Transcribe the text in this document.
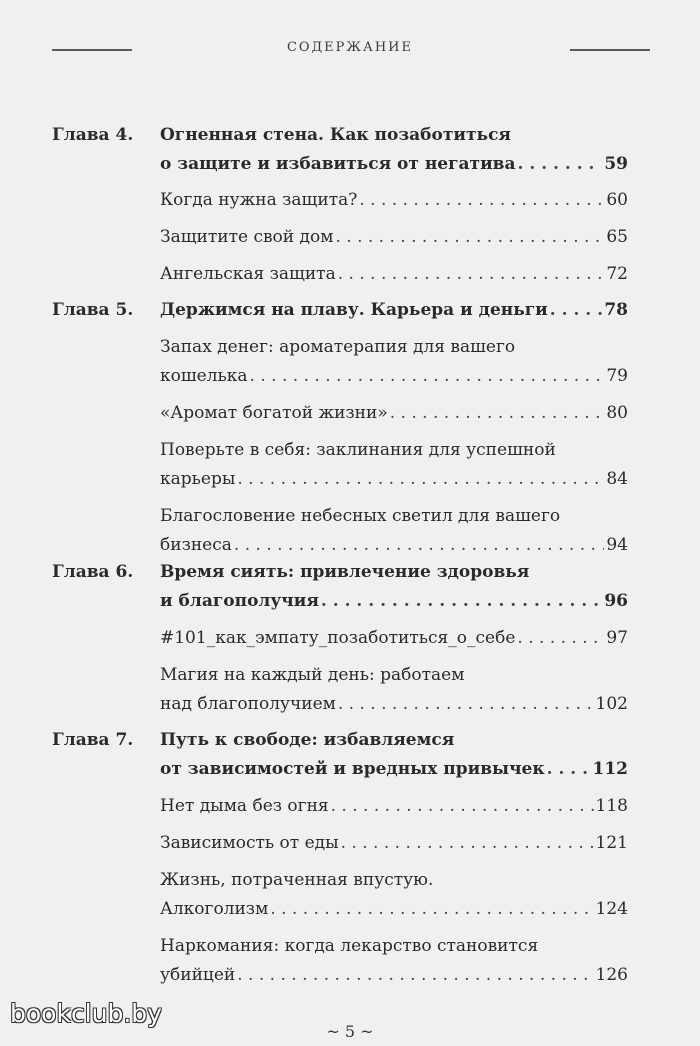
СОДЕРЖАНИЕ
Глава 4. Огненная стена. Как позаботиться
о защите и избавиться от негатива . . .	59
Когда нужна защита? . . .	60
Защитите свой дом . . .	65
Ангельская защита . . .	72
Глава 5. Держимся на плаву. Карьера и деньги . . .	78
Запах денег: ароматерапия для вашего
кошелька . . .	79
«Аромат богатой жизни» . . .	80
Поверьте в себя: заклинания для успешной
карьеры . . .	84
Благословение небесных светил для вашего
бизнеса . . .	94
Глава 6. Время сиять: привлечение здоровья
и благополучия . . .	96
#101_как_эмпату_позаботиться_о_себе . . .	97
Магия на каждый день: работаем
над благополучием . . .	102
Глава 7. Путь к свободе: избавляемся
от зависимостей и вредных привычек . . .	112
Нет дыма без огня . . .	118
Зависимость от еды . . .	121
Жизнь, потраченная впустую.
Алкоголизм . . .	124
Наркомания: когда лекарство становится
убийцей . . .	126
bookclub.by
~ 5 ~
